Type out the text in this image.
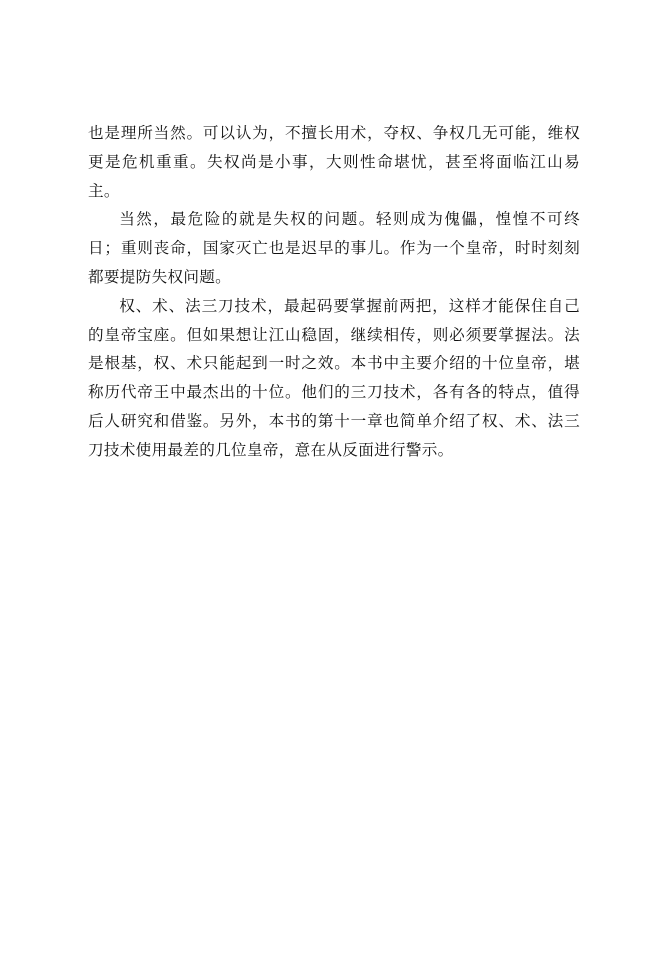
也是理所当然。可以认为，不擅长用术，夺权、争权几无可能，维权更是危机重重。失权尚是小事，大则性命堪忧，甚至将面临江山易主。

当然，最危险的就是失权的问题。轻则成为傀儡，惶惶不可终日；重则丧命，国家灭亡也是迟早的事儿。作为一个皇帝，时时刻刻都要提防失权问题。

权、术、法三刀技术，最起码要掌握前两把，这样才能保住自己的皇帝宝座。但如果想让江山稳固，继续相传，则必须要掌握法。法是根基，权、术只能起到一时之效。本书中主要介绍的十位皇帝，堪称历代帝王中最杰出的十位。他们的三刀技术，各有各的特点，值得后人研究和借鉴。另外，本书的第十一章也简单介绍了权、术、法三刀技术使用最差的几位皇帝，意在从反面进行警示。
